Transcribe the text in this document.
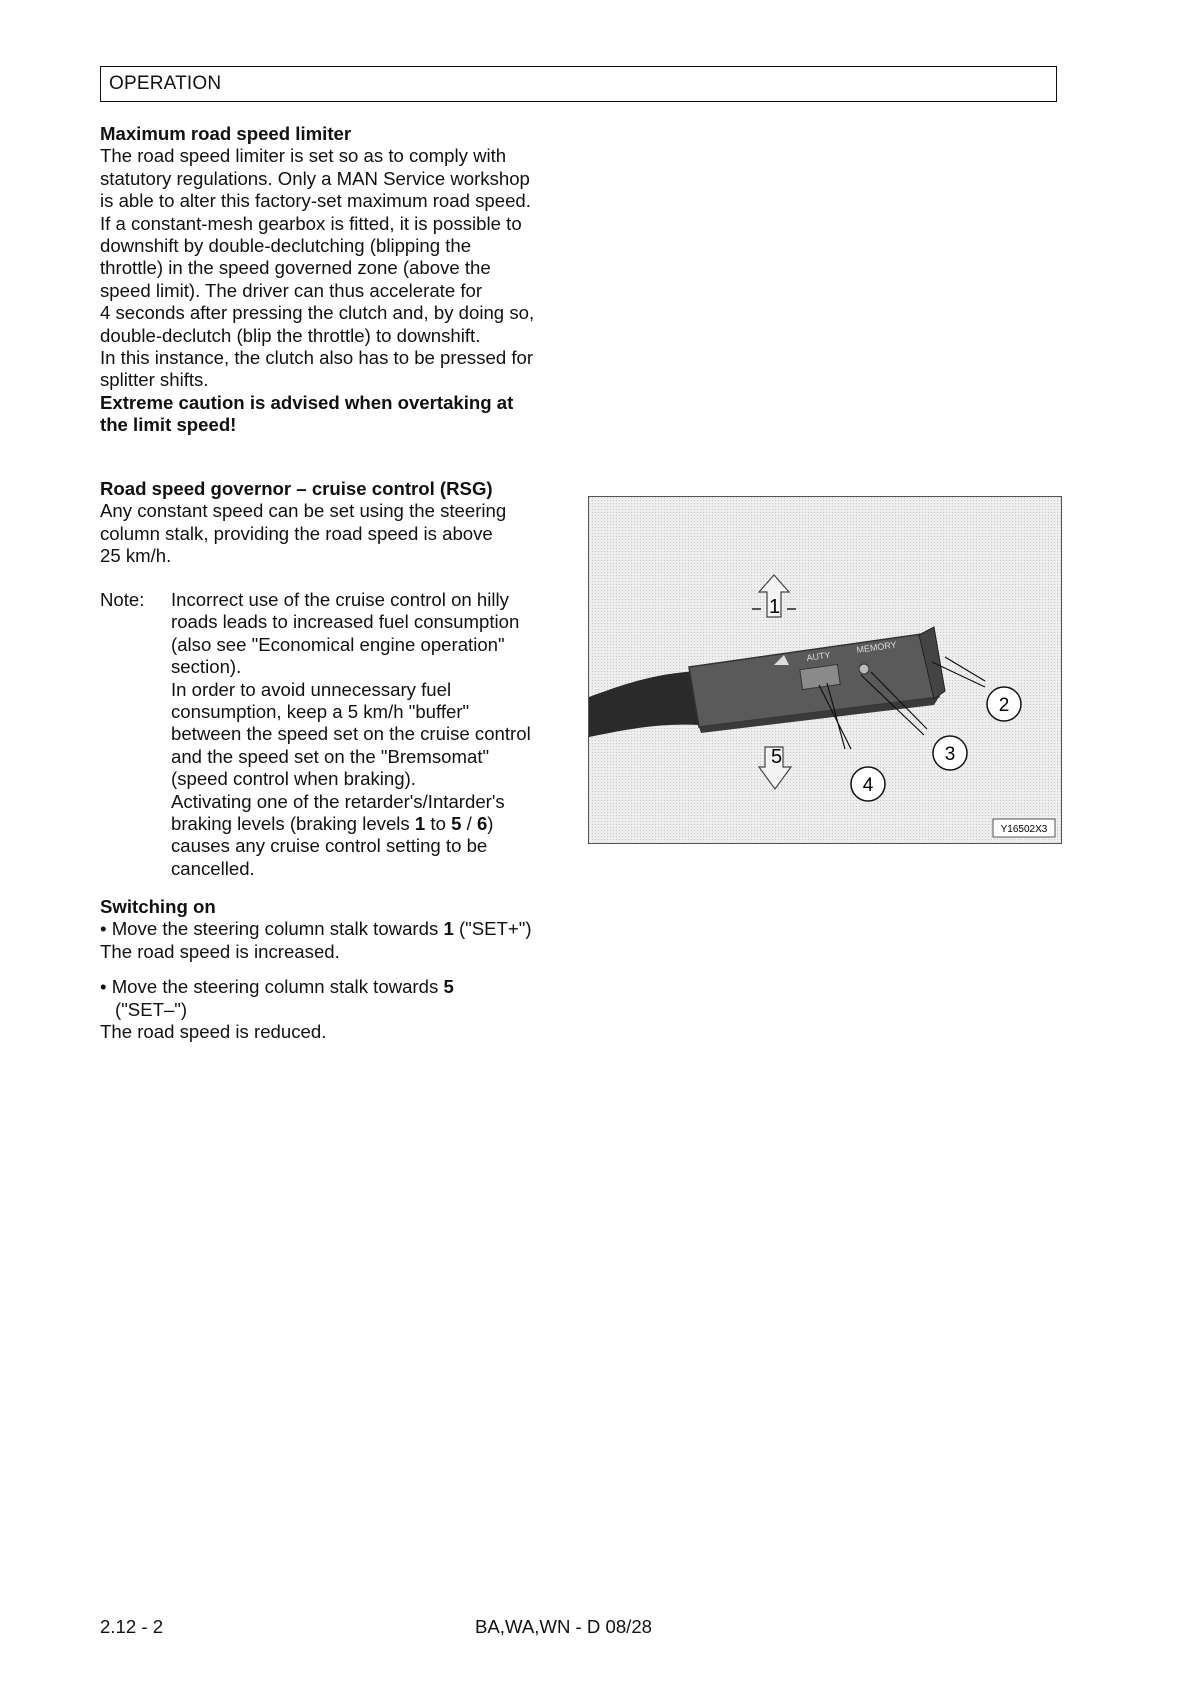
OPERATION

Maximum road speed limiter

The road speed limiter is set so as to comply with

statutory regulations. Only a MAN Service workshop

is able to alter this factory-set maximum road speed.

If a constant-mesh gearbox is fitted, it is possible to

downshift by double-declutching (blipping the

throttle) in the speed governed zone (above the

speed limit). The driver can thus accelerate for

4 seconds after pressing the clutch and, by doing so,

double-declutch (blip the throttle) to downshift.

In this instance, the clutch also has to be pressed for

splitter shifts.

Extreme caution is advised when overtaking at

the limit speed!

Road speed governor – cruise control (RSG)

Any constant speed can be set using the steering

column stalk, providing the road speed is above

25 km/h.

Note: Incorrect use of the cruise control on hilly

roads leads to increased fuel consumption

(also see "Economical engine operation"

section).

In order to avoid unnecessary fuel

consumption, keep a 5 km/h "buffer"

between the speed set on the cruise control

and the speed set on the "Bremsomat"

(speed control when braking).

Activating one of the retarder's/Intarder's

braking levels (braking levels 1 to 5 / 6)

causes any cruise control setting to be

cancelled.

Switching on

• Move the steering column stalk towards 1 ("SET+")

The road speed is increased.

• Move the steering column stalk towards 5

("SET–")

The road speed is reduced.

AUTY
MEMORY
1
5
2
3
4
Y16502X3
2.12 - 2	BA,WA,WN - D 08/28
